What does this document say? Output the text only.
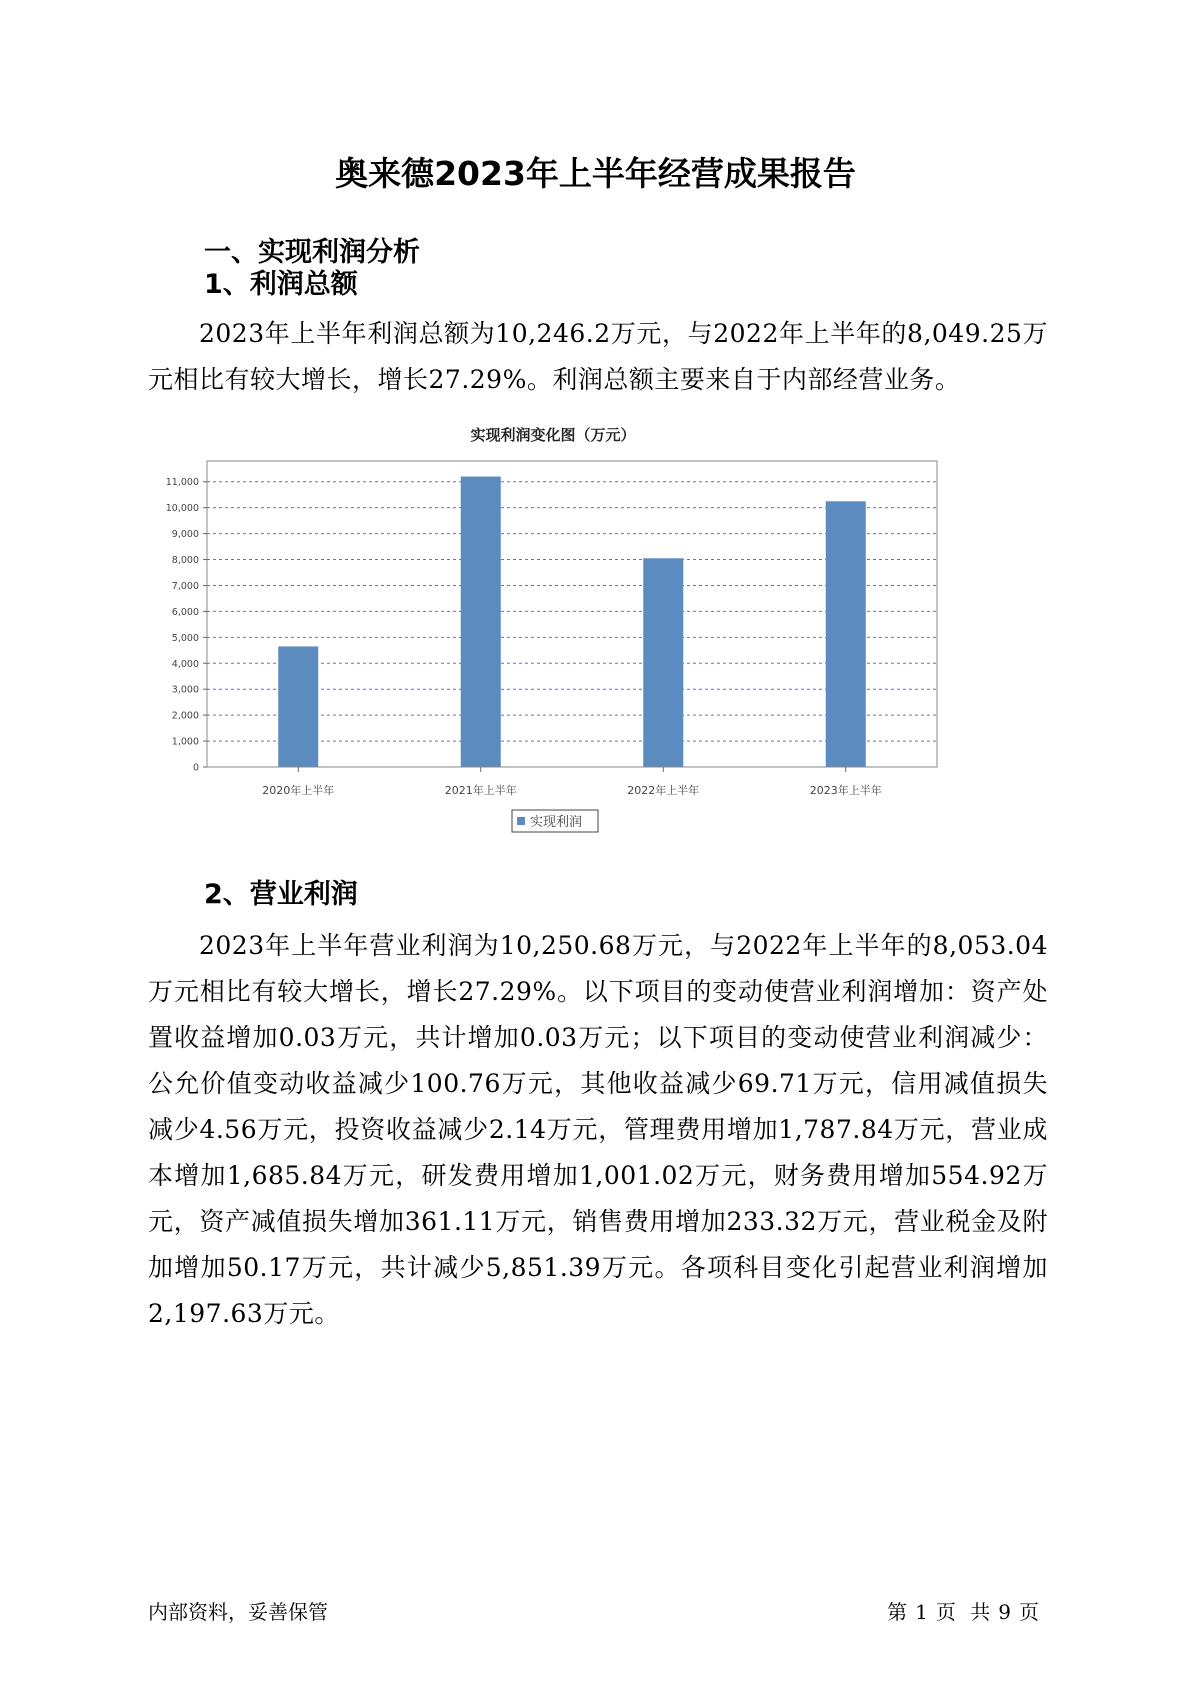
奥来德2023年上半年经营成果报告
一、实现利润分析
1、利润总额
2023年上半年利润总额为10,246.2万元，与2022年上半年的8,049.25万元相比有较大增长，增长27.29%。利润总额主要来自于内部经营业务。
实现利润变化图（万元）
0
1,000
2,000
3,000
4,000
5,000
6,000
7,000
8,000
9,000
10,000
11,000
2020年上半年	2021年上半年	2022年上半年	2023年上半年
实现利润
2、营业利润
2023年上半年营业利润为10,250.68万元，与2022年上半年的8,053.04万元相比有较大增长，增长27.29%。以下项目的变动使营业利润增加：资产处置收益增加0.03万元，共计增加0.03万元；以下项目的变动使营业利润减少：公允价值变动收益减少100.76万元，其他收益减少69.71万元，信用减值损失减少4.56万元，投资收益减少2.14万元，管理费用增加1,787.84万元，营业成本增加1,685.84万元，研发费用增加1,001.02万元，财务费用增加554.92万元，资产减值损失增加361.11万元，销售费用增加233.32万元，营业税金及附加增加50.17万元，共计减少5,851.39万元。各项科目变化引起营业利润增加2,197.63万元。
内部资料，妥善保管	第 1 页 共 9 页
